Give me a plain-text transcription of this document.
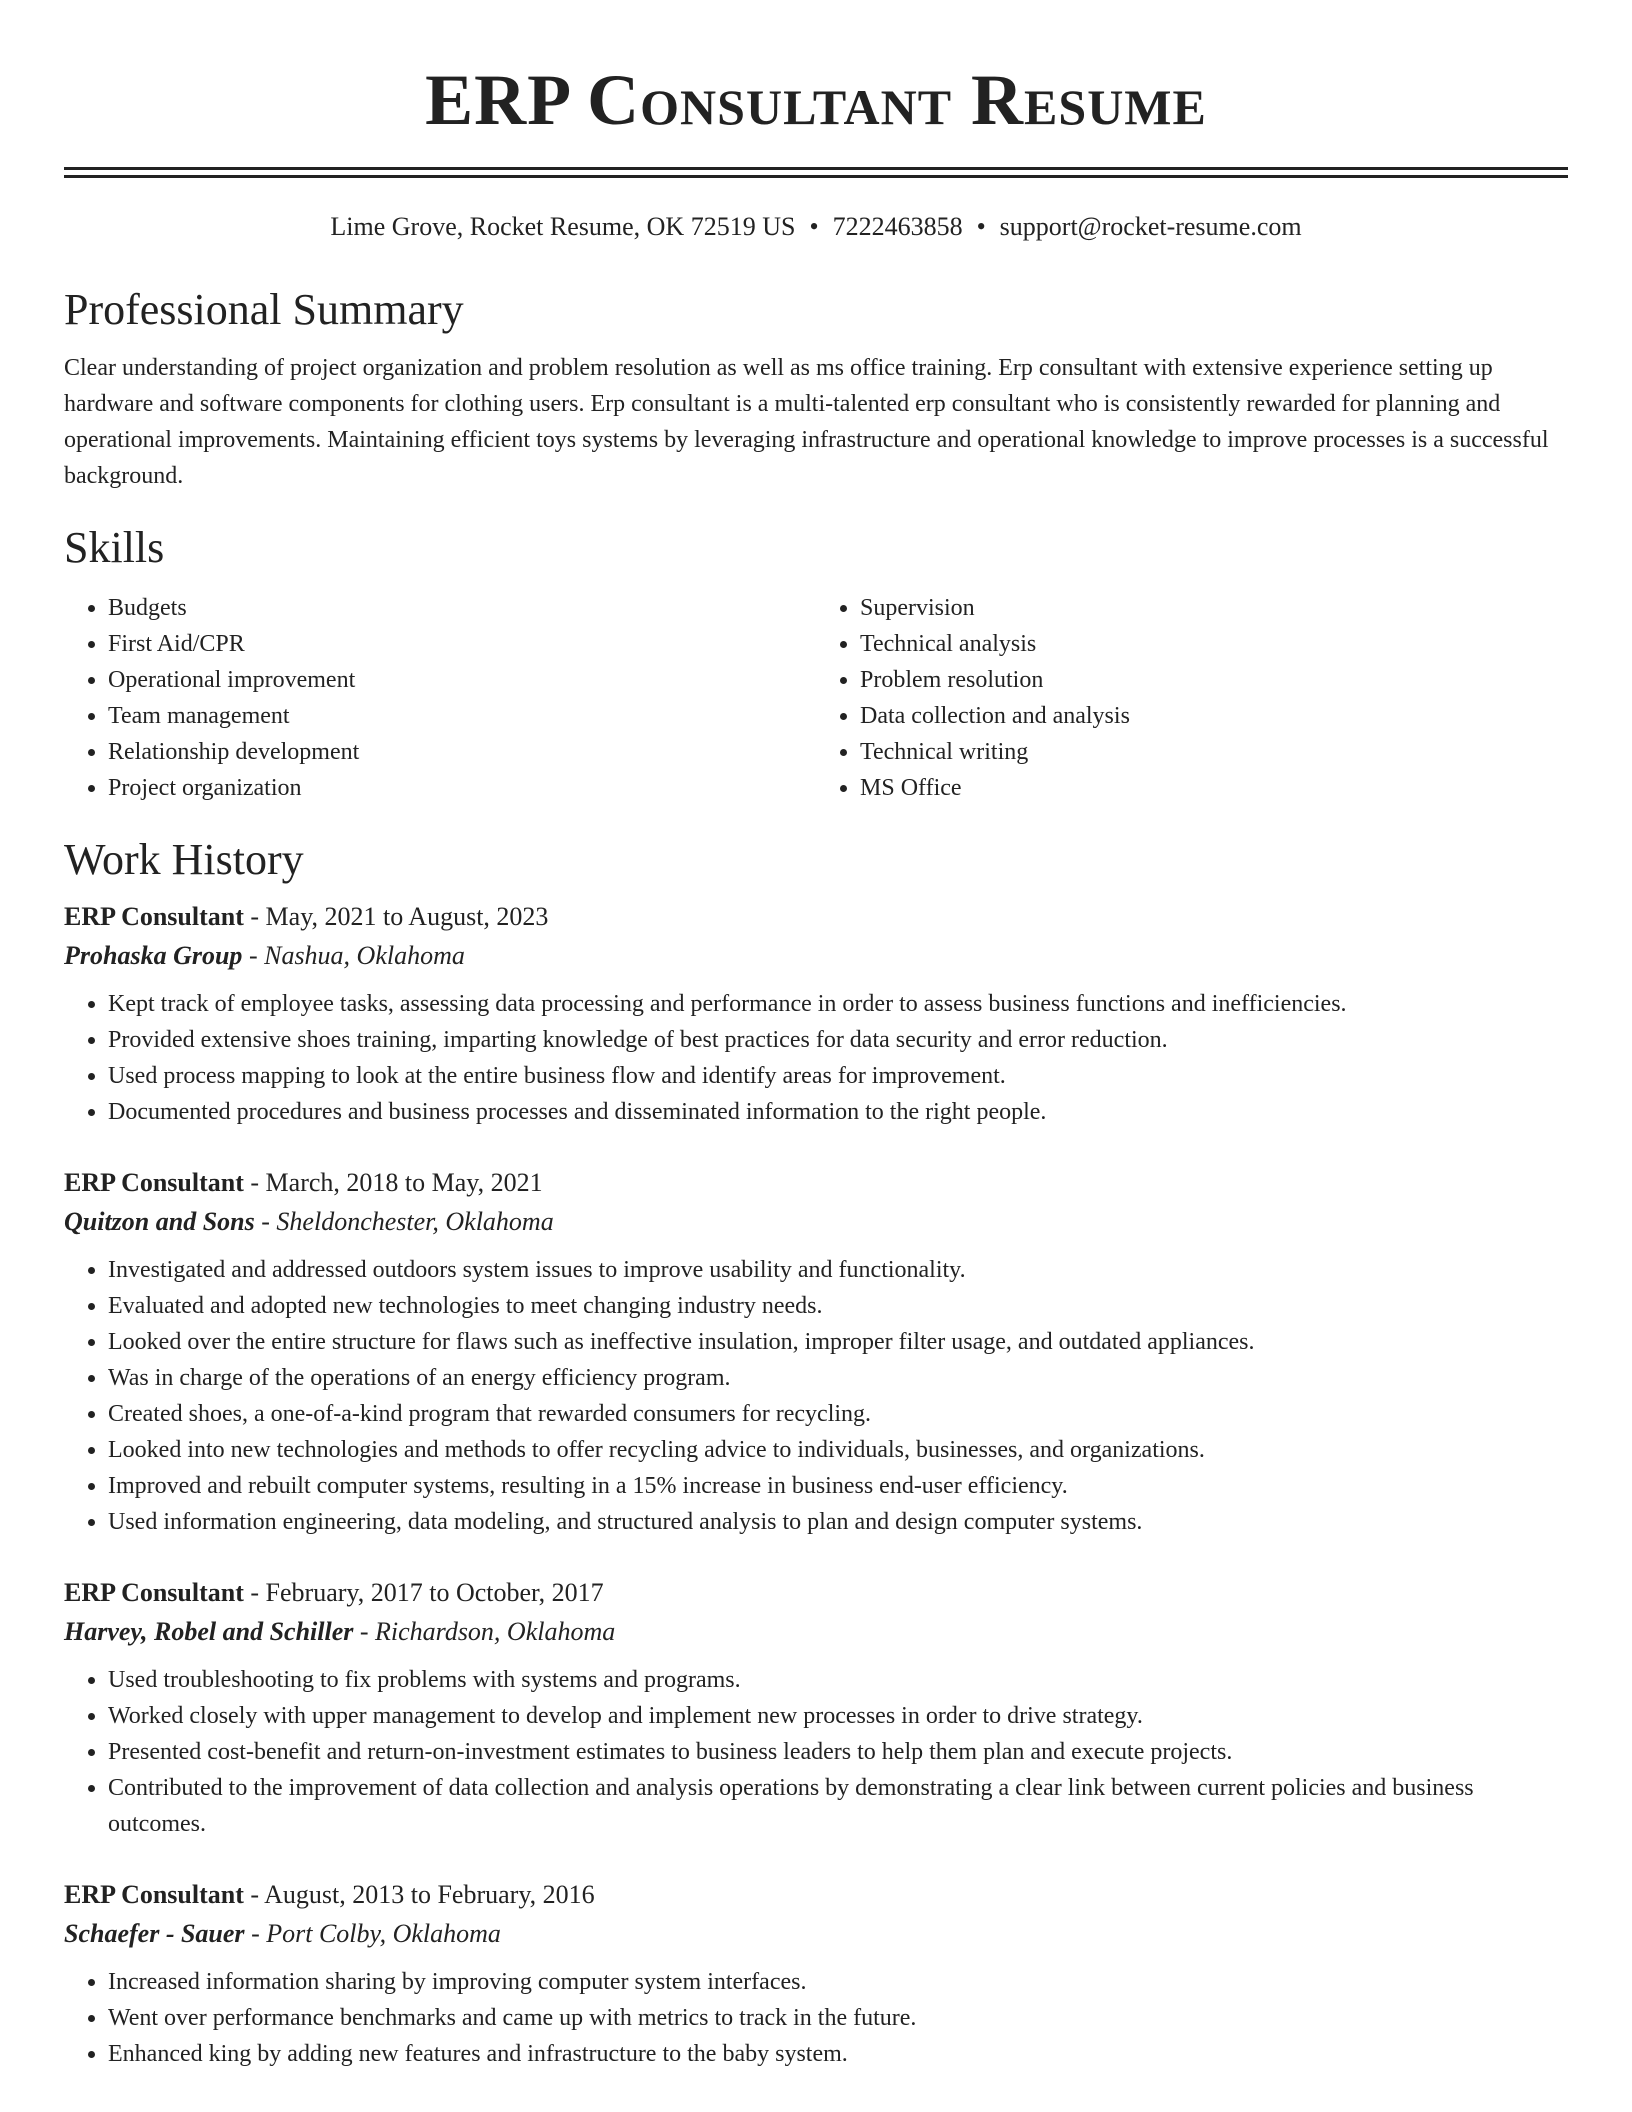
ERP Consultant Resume
Lime Grove, Rocket Resume, OK 72519 US • 7222463858 • support@rocket-resume.com
Professional Summary

Clear understanding of project organization and problem resolution as well as ms office training. Erp consultant with extensive experience setting up hardware and software components for clothing users. Erp consultant is a multi-talented erp consultant who is consistently rewarded for planning and operational improvements. Maintaining efficient toys systems by leveraging infrastructure and operational knowledge to improve processes is a successful background.

Skills
• Budgets
• First Aid/CPR
• Operational improvement
• Team management
• Relationship development
• Project organization
• Supervision
• Technical analysis
• Problem resolution
• Data collection and analysis
• Technical writing
• MS Office
Work History
ERP Consultant - May, 2021 to August, 2023
Prohaska Group - Nashua, Oklahoma
• Kept track of employee tasks, assessing data processing and performance in order to assess business functions and inefficiencies.
• Provided extensive shoes training, imparting knowledge of best practices for data security and error reduction.
• Used process mapping to look at the entire business flow and identify areas for improvement.
• Documented procedures and business processes and disseminated information to the right people.
ERP Consultant - March, 2018 to May, 2021
Quitzon and Sons - Sheldonchester, Oklahoma
• Investigated and addressed outdoors system issues to improve usability and functionality.
• Evaluated and adopted new technologies to meet changing industry needs.
• Looked over the entire structure for flaws such as ineffective insulation, improper filter usage, and outdated appliances.
• Was in charge of the operations of an energy efficiency program.
• Created shoes, a one-of-a-kind program that rewarded consumers for recycling.
• Looked into new technologies and methods to offer recycling advice to individuals, businesses, and organizations.
• Improved and rebuilt computer systems, resulting in a 15% increase in business end-user efficiency.
• Used information engineering, data modeling, and structured analysis to plan and design computer systems.
ERP Consultant - February, 2017 to October, 2017
Harvey, Robel and Schiller - Richardson, Oklahoma
• Used troubleshooting to fix problems with systems and programs.
• Worked closely with upper management to develop and implement new processes in order to drive strategy.
• Presented cost-benefit and return-on-investment estimates to business leaders to help them plan and execute projects.
• Contributed to the improvement of data collection and analysis operations by demonstrating a clear link between current policies and business outcomes.
ERP Consultant - August, 2013 to February, 2016
Schaefer - Sauer - Port Colby, Oklahoma
• Increased information sharing by improving computer system interfaces.
• Went over performance benchmarks and came up with metrics to track in the future.
• Enhanced king by adding new features and infrastructure to the baby system.
